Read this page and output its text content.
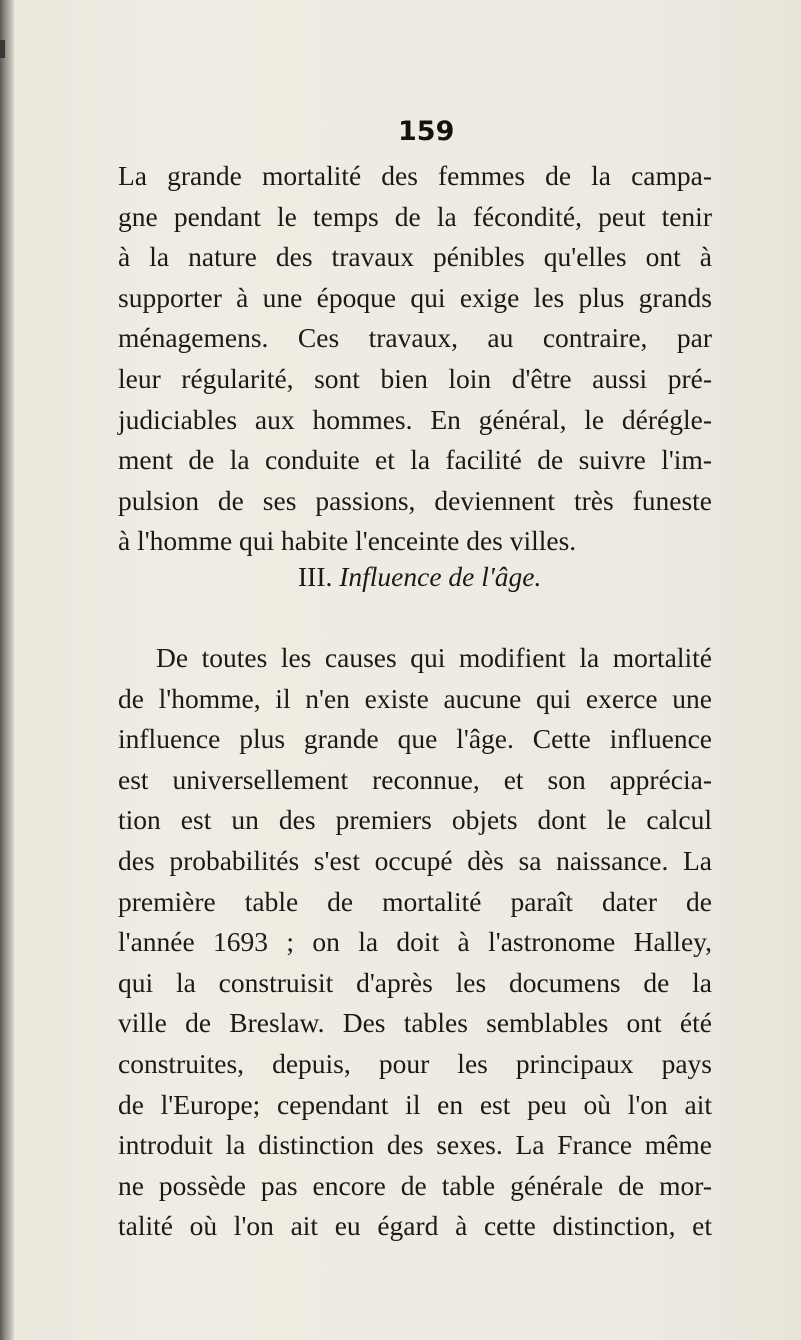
159

La grande mortalité des femmes de la campa-
gne pendant le temps de la fécondité, peut tenir
à la nature des travaux pénibles qu'elles ont à
supporter à une époque qui exige les plus grands
ménagemens. Ces travaux, au contraire, par
leur régularité, sont bien loin d'être aussi pré-
judiciables aux hommes. En général, le dérégle-
ment de la conduite et la facilité de suivre l'im-
pulsion de ses passions, deviennent très funeste
à l'homme qui habite l'enceinte des villes.

III. Influence de l'âge.

De toutes les causes qui modifient la mortalité
de l'homme, il n'en existe aucune qui exerce une
influence plus grande que l'âge. Cette influence
est universellement reconnue, et son apprécia-
tion est un des premiers objets dont le calcul
des probabilités s'est occupé dès sa naissance. La
première table de mortalité paraît dater de
l'année 1693 ; on la doit à l'astronome Halley,
qui la construisit d'après les documens de la
ville de Breslaw. Des tables semblables ont été
construites, depuis, pour les principaux pays
de l'Europe; cependant il en est peu où l'on ait
introduit la distinction des sexes. La France même
ne possède pas encore de table générale de mor-
talité où l'on ait eu égard à cette distinction, et
